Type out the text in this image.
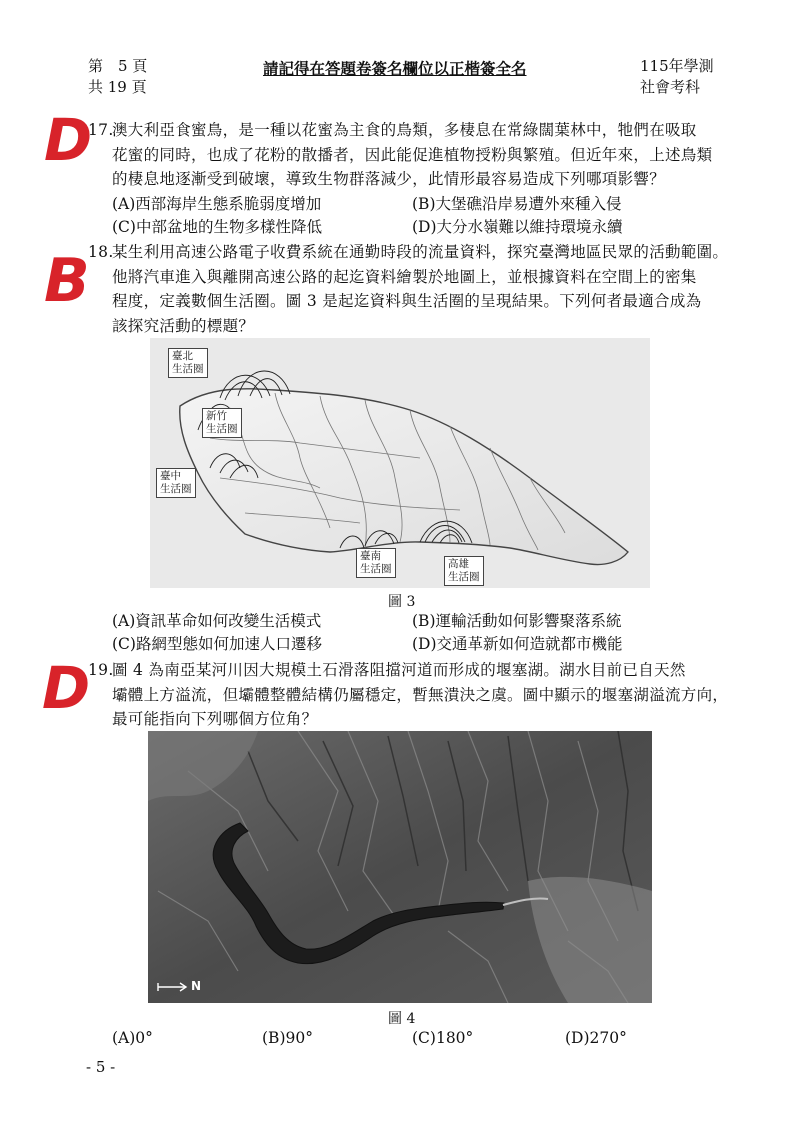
第　5 頁
共 19 頁
請記得在答題卷簽名欄位以正楷簽全名	115年學測
社會考科
D
17.
澳大利亞食蜜鳥，是一種以花蜜為主食的鳥類，多棲息在常綠闊葉林中，牠們在吸取
花蜜的同時，也成了花粉的散播者，因此能促進植物授粉與繁殖。但近年來，上述鳥類
的棲息地逐漸受到破壞，導致生物群落減少，此情形最容易造成下列哪項影響？
(A)西部海岸生態系脆弱度增加	(B)大堡礁沿岸易遭外來種入侵
(C)中部盆地的生物多樣性降低	(D)大分水嶺難以維持環境永續
B
18.
某生利用高速公路電子收費系統在通勤時段的流量資料，探究臺灣地區民眾的活動範圍。
他將汽車進入與離開高速公路的起迄資料繪製於地圖上，並根據資料在空間上的密集
程度，定義數個生活圈。圖 3 是起迄資料與生活圈的呈現結果。下列何者最適合成為
該探究活動的標題？
臺北
生活圈
新竹
生活圈
臺中
生活圈
臺南
生活圈	高雄
生活圈
圖 3
(A)資訊革命如何改變生活模式	(B)運輸活動如何影響聚落系統
(C)路網型態如何加速人口遷移	(D)交通革新如何造就都市機能
D
19.
圖 4 為南亞某河川因大規模土石滑落阻擋河道而形成的堰塞湖。湖水目前已自天然
壩體上方溢流，但壩體整體結構仍屬穩定，暫無潰決之虞。圖中顯示的堰塞湖溢流方向，
最可能指向下列哪個方位角？
N
圖 4
(A)0°	(B)90°	(C)180°	(D)270°
- 5 -
